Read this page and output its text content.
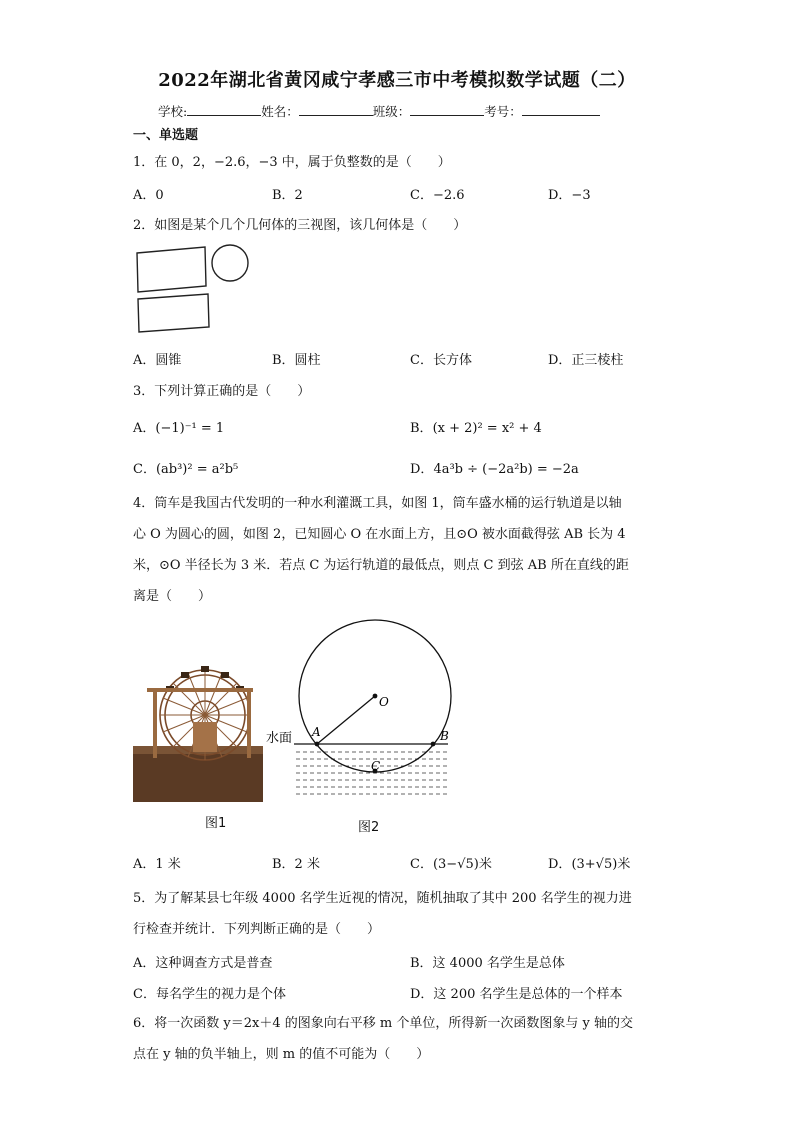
2022年湖北省黄冈咸宁孝感三市中考模拟数学试题（二）
学校:	姓名：	班级：	考号：
一、单选题
1．在 0，2，−2.6，−3 中，属于负整数的是（　　）
A．0	B．2	C．−2.6	D．−3
2．如图是某个几个几何体的三视图，该几何体是（　　）
A．圆锥	B．圆柱	C．长方体	D．正三棱柱
3．下列计算正确的是（　　）
A．(−1)⁻¹ = 1	B．(x + 2)² = x² + 4
C．(ab³)² = a²b⁵	D．4a³b ÷ (−2a²b) = −2a
4．筒车是我国古代发明的一种水利灌溉工具，如图 1，筒车盛水桶的运行轨道是以轴
心 O 为圆心的圆，如图 2，已知圆心 O 在水面上方，且⊙O 被水面截得弦 AB 长为 4
米，⊙O 半径长为 3 米．若点 C 为运行轨道的最低点，则点 C 到弦 AB 所在直线的距
离是（　　）
图1
水面
O
A	B
C
图2
A．1 米	B．2 米	C．(3−√5)米	D．(3+√5)米
5．为了解某县七年级 4000 名学生近视的情况，随机抽取了其中 200 名学生的视力进
行检查并统计．下列判断正确的是（　　）
A．这种调查方式是普查	B．这 4000 名学生是总体
C．每名学生的视力是个体	D．这 200 名学生是总体的一个样本
6．将一次函数 y＝2x＋4 的图象向右平移 m 个单位，所得新一次函数图象与 y 轴的交
点在 y 轴的负半轴上，则 m 的值不可能为（　　）
